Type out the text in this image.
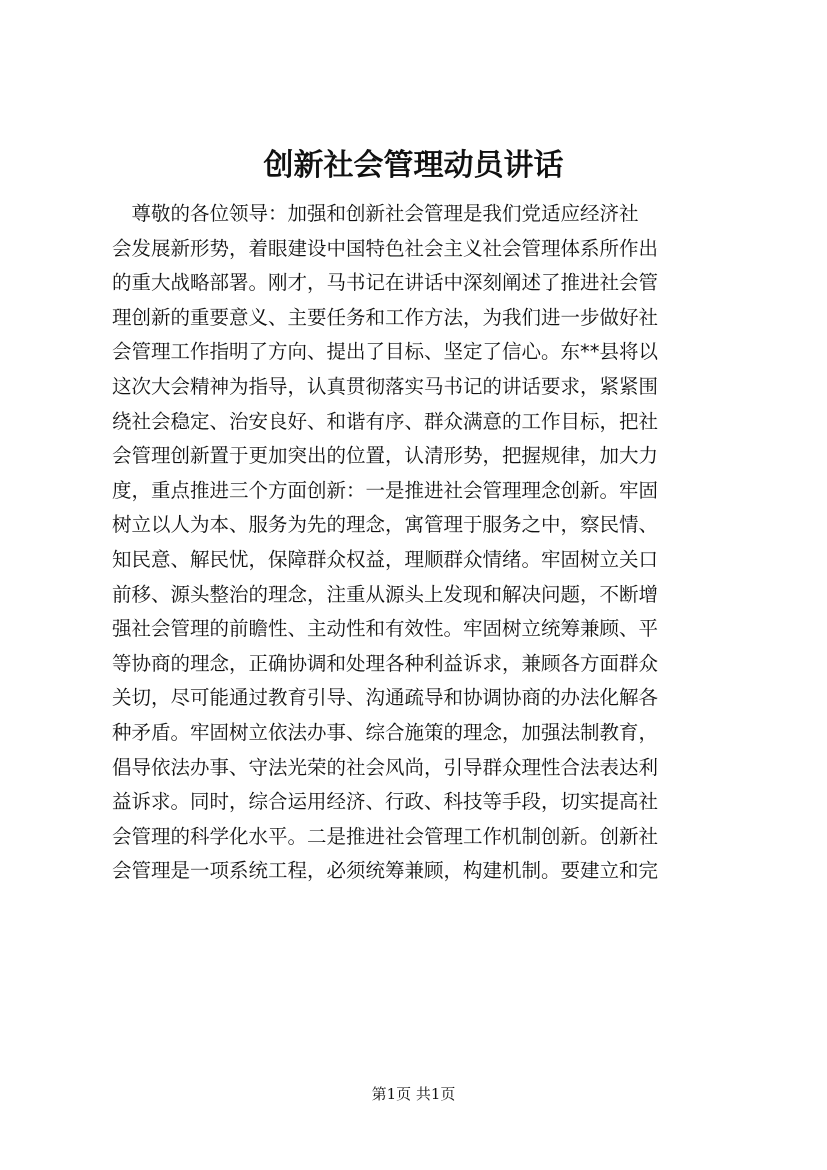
创新社会管理动员讲话
　尊敬的各位领导：加强和创新社会管理是我们党适应经济社
会发展新形势，着眼建设中国特色社会主义社会管理体系所作出
的重大战略部署。刚才，马书记在讲话中深刻阐述了推进社会管
理创新的重要意义、主要任务和工作方法，为我们进一步做好社
会管理工作指明了方向、提出了目标、坚定了信心。东**县将以
这次大会精神为指导，认真贯彻落实马书记的讲话要求，紧紧围
绕社会稳定、治安良好、和谐有序、群众满意的工作目标，把社
会管理创新置于更加突出的位置，认清形势，把握规律，加大力
度，重点推进三个方面创新：一是推进社会管理理念创新。牢固
树立以人为本、服务为先的理念，寓管理于服务之中，察民情、
知民意、解民忧，保障群众权益，理顺群众情绪。牢固树立关口
前移、源头整治的理念，注重从源头上发现和解决问题，不断增
强社会管理的前瞻性、主动性和有效性。牢固树立统筹兼顾、平
等协商的理念，正确协调和处理各种利益诉求，兼顾各方面群众
关切，尽可能通过教育引导、沟通疏导和协调协商的办法化解各
种矛盾。牢固树立依法办事、综合施策的理念，加强法制教育，
倡导依法办事、守法光荣的社会风尚，引导群众理性合法表达利
益诉求。同时，综合运用经济、行政、科技等手段，切实提高社
会管理的科学化水平。二是推进社会管理工作机制创新。创新社
会管理是一项系统工程，必须统筹兼顾，构建机制。要建立和完
第1页 共1页
